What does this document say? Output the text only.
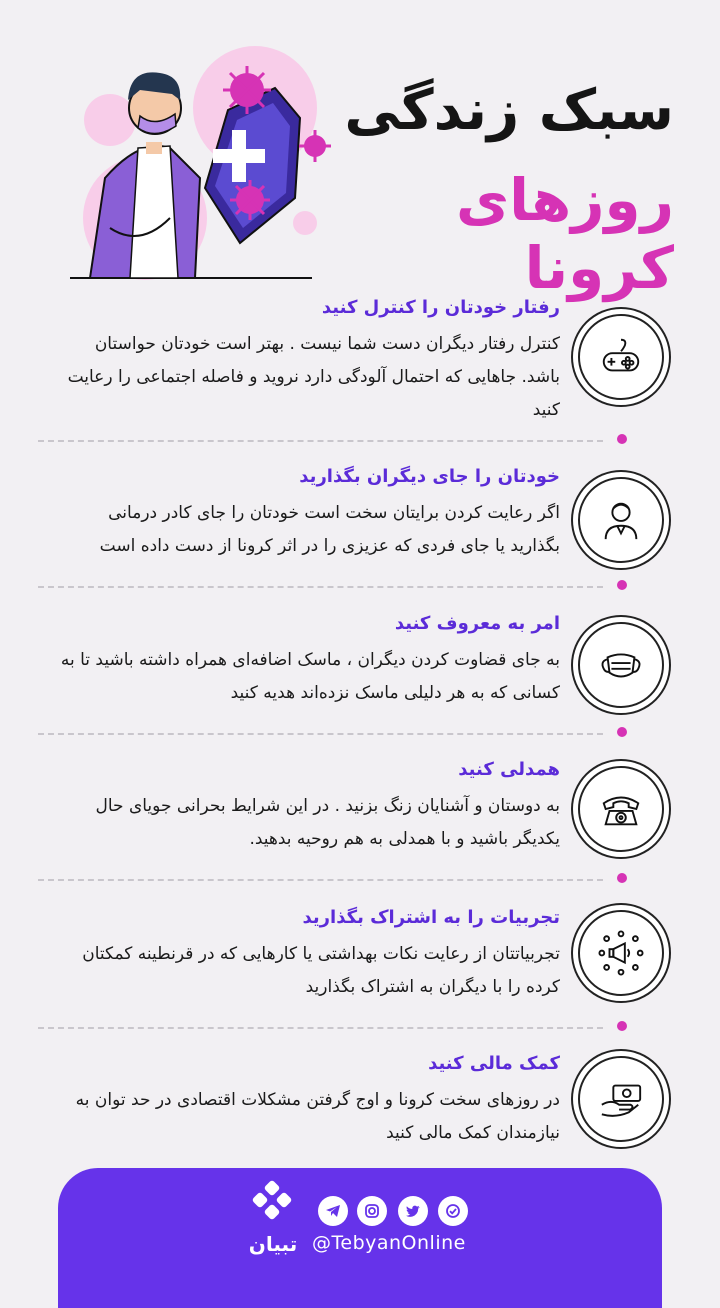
سبک زندگی
روزهای کرونا
رفتار خودتان را کنترل کنید

کنترل رفتار دیگران دست شما نیست . بهتر است خودتان حواستان باشد. جاهایی که احتمال آلودگی دارد نروید و فاصله اجتماعی را رعایت کنید

خودتان را جای دیگران بگذارید

اگر رعایت کردن برایتان سخت است خودتان را جای کادر درمانی بگذارید یا جای فردی که عزیزی را در اثر کرونا از دست داده است

امر به معروف کنید

به جای قضاوت کردن دیگران ، ماسک اضافه‌ای همراه داشته باشید تا به کسانی که به هر دلیلی ماسک نزده‌اند هدیه کنید

همدلی کنید

به دوستان و آشنایان زنگ بزنید . در این شرایط بحرانی جویای حال یکدیگر باشید و با همدلی به هم روحیه بدهید.

تجربیات را به اشتراک بگذارید

تجربیاتتان از رعایت نکات بهداشتی یا کارهایی که در قرنطینه کمکتان کرده را با دیگران به اشتراک بگذارید

کمک مالی کنید

در روزهای سخت کرونا و اوج گرفتن مشکلات اقتصادی در حد توان به نیازمندان کمک مالی کنید

تبیان @TebyanOnline
